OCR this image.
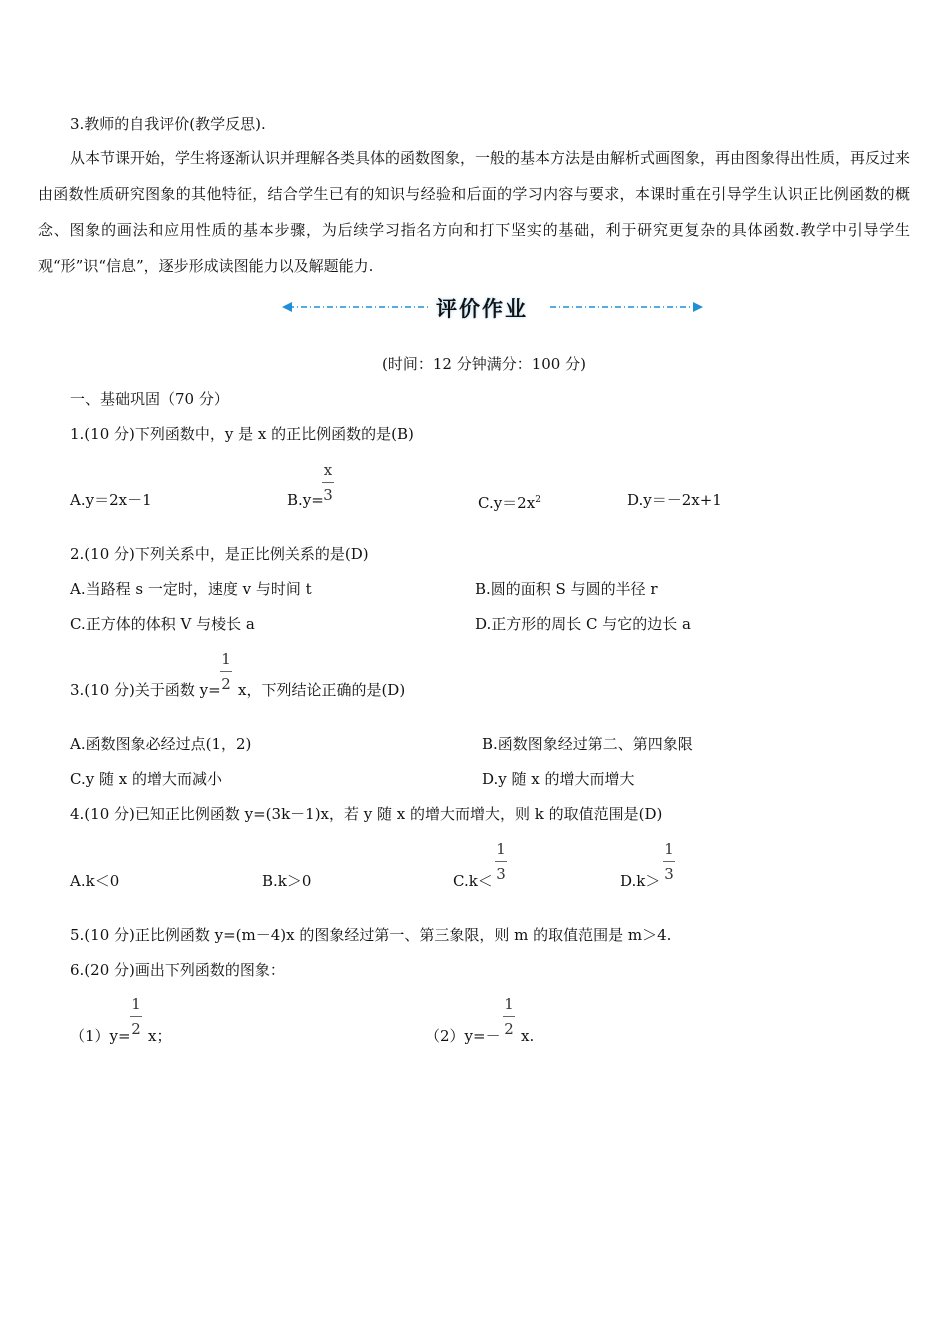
3.教师的自我评价(教学反思).
从本节课开始，学生将逐渐认识并理解各类具体的函数图象，一般的基本方法是由解析式画图象，再由图象得出性质，再反过来由函数性质研究图象的其他特征，结合学生已有的知识与经验和后面的学习内容与要求，本课时重在引导学生认识正比例函数的概念、图象的画法和应用性质的基本步骤，为后续学习指名方向和打下坚实的基础，利于研究更复杂的具体函数.教学中引导学生观“形”识“信息”，逐步形成读图能力以及解题能力.
评价作业
(时间：12 分钟满分：100 分)
一、基础巩固（70 分）
1.(10 分)下列函数中，y 是 x 的正比例函数的是(B)
A.y＝2x－1	B.y=
x
3	$C.y=2x^2$	D.y＝－2x+1
2.(10 分)下列关系中，是正比例关系的是(D)
A.当路程 s 一定时，速度 v 与时间 t	B.圆的面积 S 与圆的半径 r
C.正方体的体积 V 与棱长 a	D.正方形的周长 C 与它的边长 a
3.(10 分)关于函数 y=
1
2 x，下列结论正确的是(D)
A.函数图象必经过点(1，2)	B.函数图象经过第二、第四象限
C.y 随 x 的增大而减小	D.y 随 x 的增大而增大
4.(10 分)已知正比例函数 y=(3k－1)x，若 y 随 x 的增大而增大，则 k 的取值范围是(D)
A.k＜0	B.k＞0	C.k＜
1
3	D.k＞
1
3
5.(10 分)正比例函数 y=(m－4)x 的图象经过第一、第三象限，则 m 的取值范围是 m＞4.
6.(20 分)画出下列函数的图象：
（1）y=
1
2 x；	（2）y=－
1
2 x.
